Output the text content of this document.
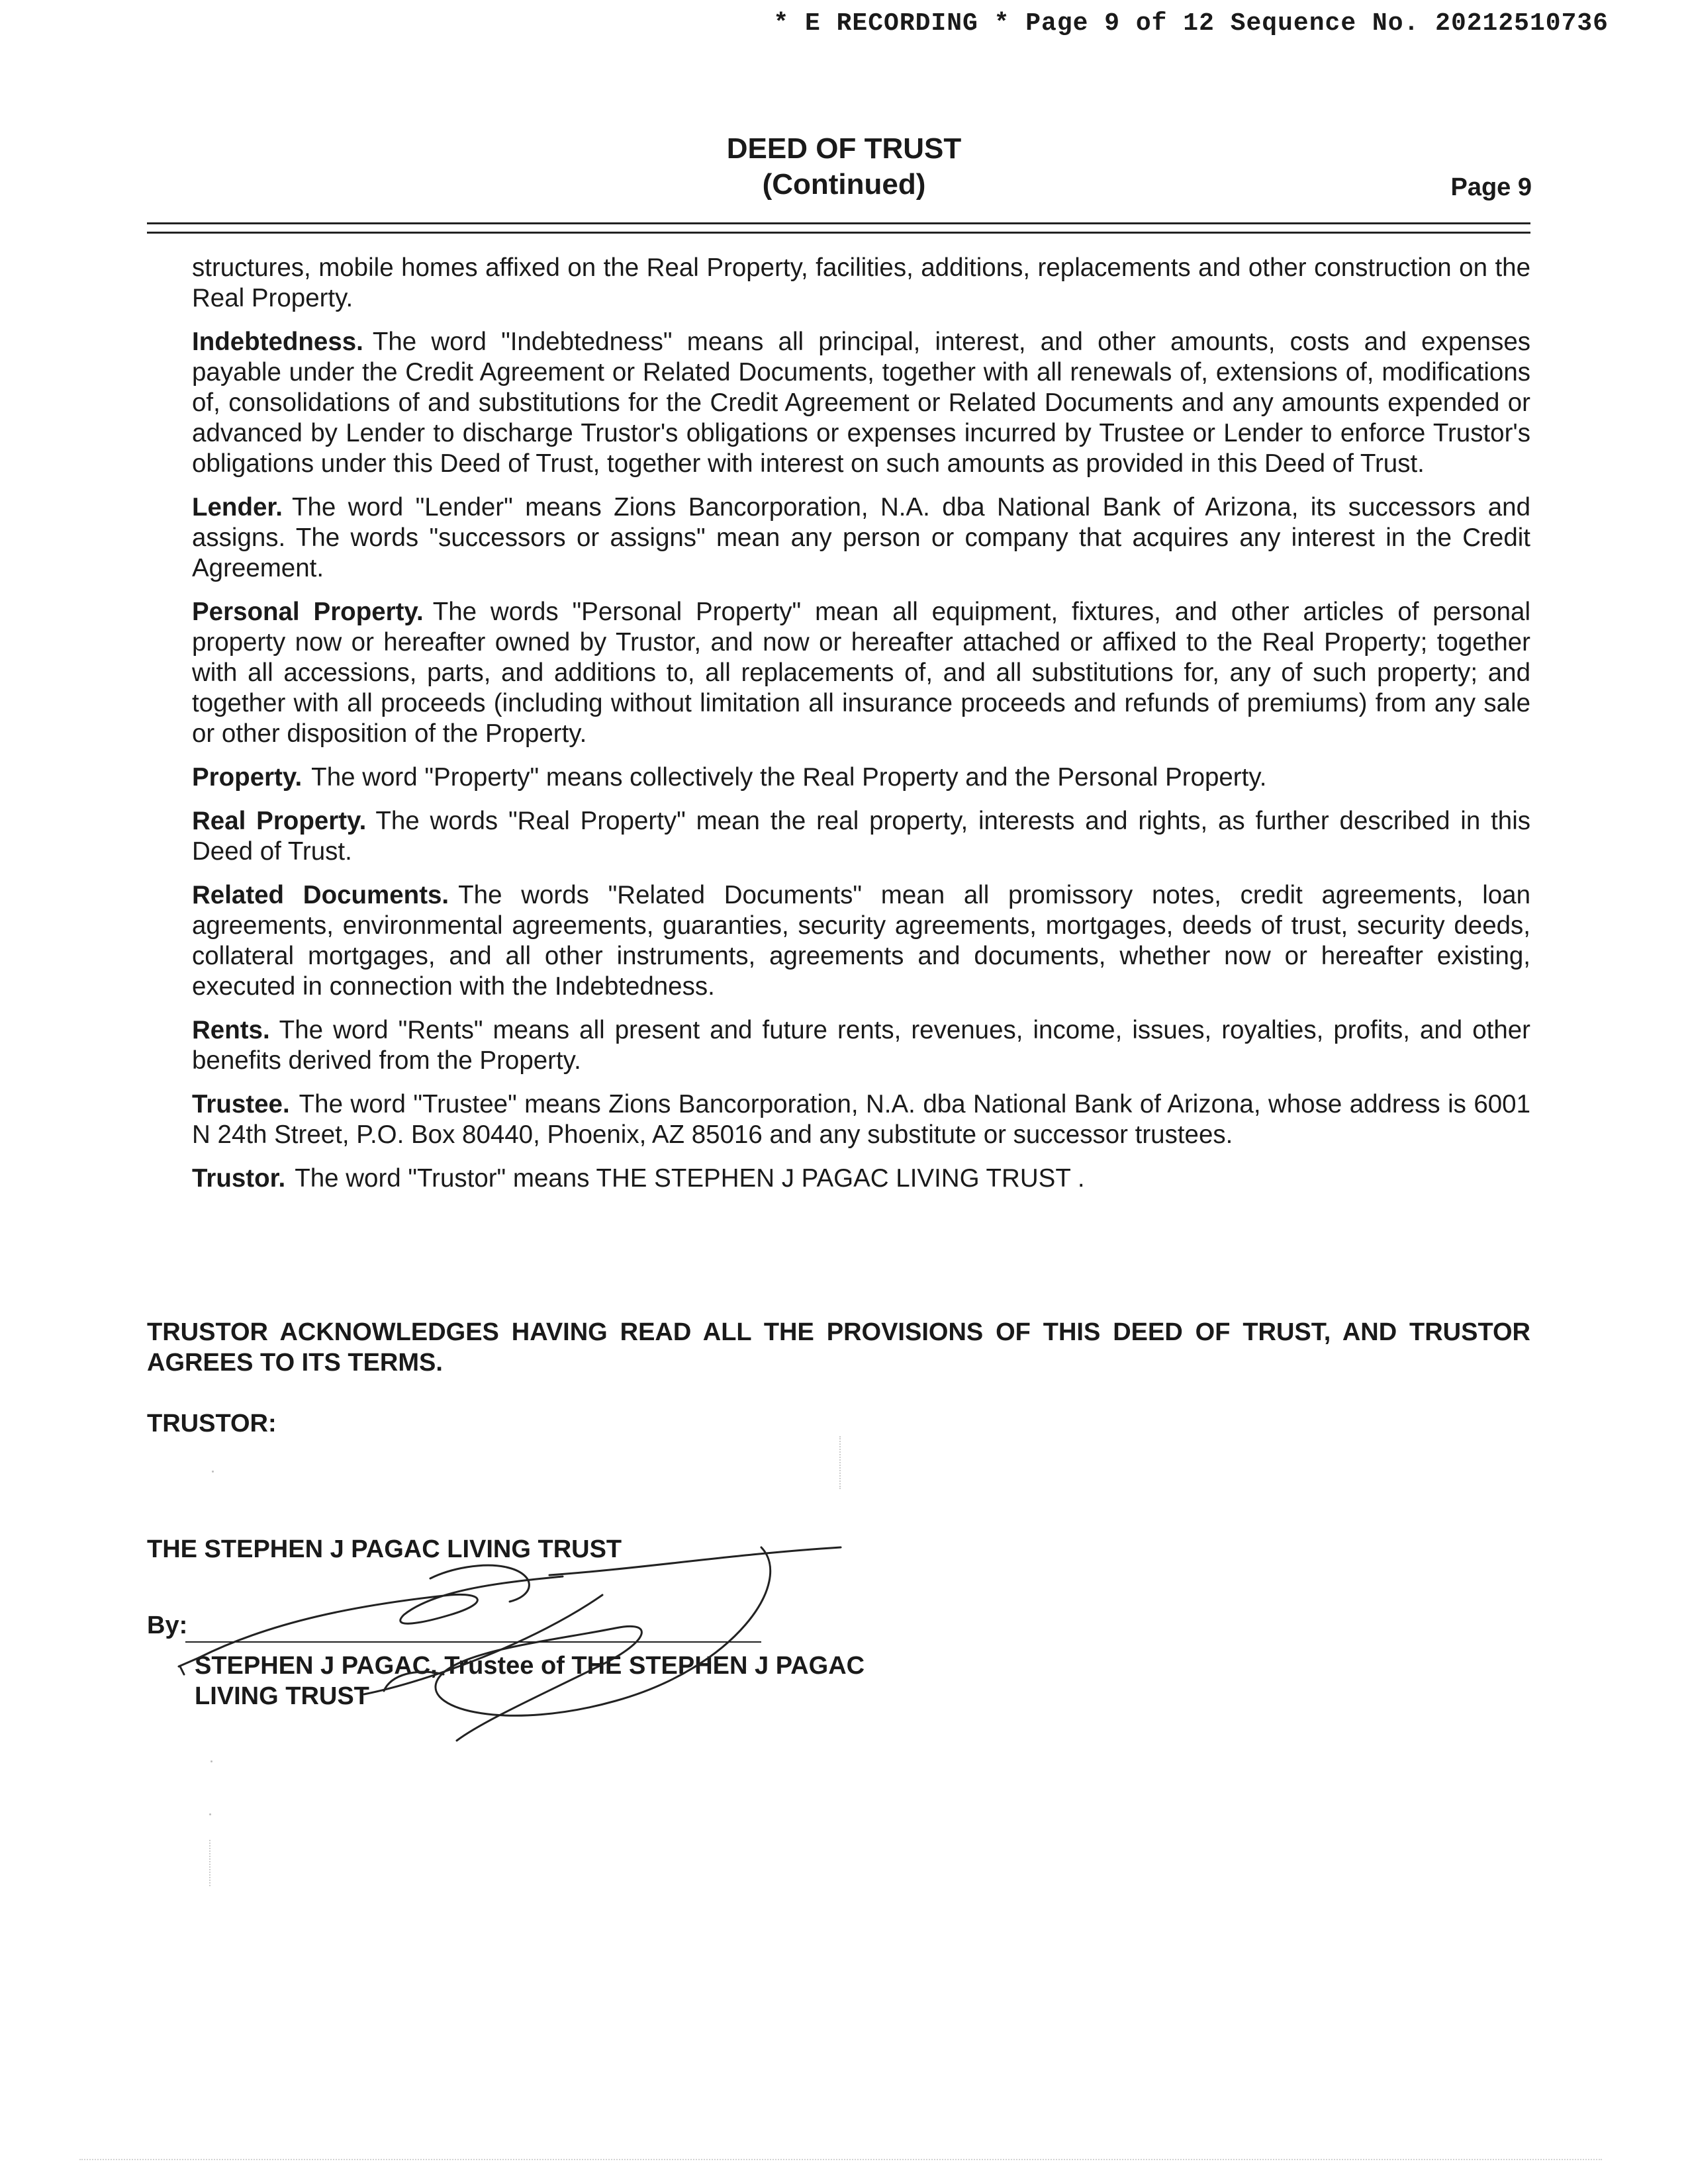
* E RECORDING * Page 9 of 12 Sequence No. 20212510736
DEED OF TRUST
(Continued)	Page 9

structures, mobile homes affixed on the Real Property, facilities, additions, replacements and other construction on the Real Property.

Indebtedness. The word "Indebtedness" means all principal, interest, and other amounts, costs and expenses payable under the Credit Agreement or Related Documents, together with all renewals of, extensions of, modifications of, consolidations of and substitutions for the Credit Agreement or Related Documents and any amounts expended or advanced by Lender to discharge Trustor's obligations or expenses incurred by Trustee or Lender to enforce Trustor's obligations under this Deed of Trust, together with interest on such amounts as provided in this Deed of Trust.

Lender. The word "Lender" means Zions Bancorporation, N.A. dba National Bank of Arizona, its successors and assigns. The words "successors or assigns" mean any person or company that acquires any interest in the Credit Agreement.

Personal Property. The words "Personal Property" mean all equipment, fixtures, and other articles of personal property now or hereafter owned by Trustor, and now or hereafter attached or affixed to the Real Property; together with all accessions, parts, and additions to, all replacements of, and all substitutions for, any of such property; and together with all proceeds (including without limitation all insurance proceeds and refunds of premiums) from any sale or other disposition of the Property.

Property. The word "Property" means collectively the Real Property and the Personal Property.

Real Property. The words "Real Property" mean the real property, interests and rights, as further described in this Deed of Trust.

Related Documents. The words "Related Documents" mean all promissory notes, credit agreements, loan agreements, environmental agreements, guaranties, security agreements, mortgages, deeds of trust, security deeds, collateral mortgages, and all other instruments, agreements and documents, whether now or hereafter existing, executed in connection with the Indebtedness.

Rents. The word "Rents" means all present and future rents, revenues, income, issues, royalties, profits, and other benefits derived from the Property.

Trustee. The word "Trustee" means Zions Bancorporation, N.A. dba National Bank of Arizona, whose address is 6001 N 24th Street, P.O. Box 80440, Phoenix, AZ 85016 and any substitute or successor trustees.

Trustor. The word "Trustor" means THE STEPHEN J PAGAC LIVING TRUST .

TRUSTOR ACKNOWLEDGES HAVING READ ALL THE PROVISIONS OF THIS DEED OF TRUST, AND TRUSTOR AGREES TO ITS TERMS.
TRUSTOR:
THE STEPHEN J PAGAC LIVING TRUST
By:
STEPHEN J PAGAC, Trustee of THE STEPHEN J PAGAC
LIVING TRUST
